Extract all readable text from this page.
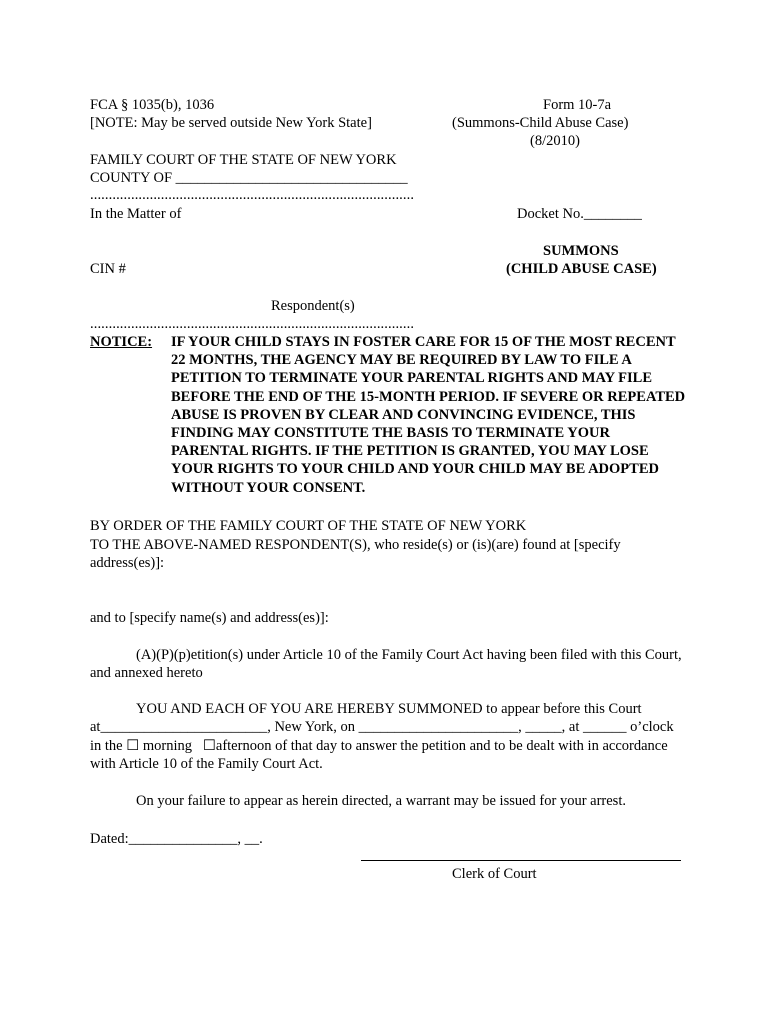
FCA § 1035(b), 1036
[NOTE: May be served outside New York State]
Form 10-7a
(Summons-Child Abuse Case)
(8/2010)
FAMILY COURT OF THE STATE OF NEW YORK
COUNTY OF ________________________________
.......................................................................................
In the Matter of	Docket No.________
SUMMONS
(CHILD ABUSE CASE)
CIN #
Respondent(s)
.......................................................................................
NOTICE: IF YOUR CHILD STAYS IN FOSTER CARE FOR 15 OF THE MOST RECENT
22 MONTHS, THE AGENCY MAY BE REQUIRED BY LAW TO FILE A
PETITION TO TERMINATE YOUR PARENTAL RIGHTS AND MAY FILE
BEFORE THE END OF THE 15-MONTH PERIOD. IF SEVERE OR REPEATED
ABUSE IS PROVEN BY CLEAR AND CONVINCING EVIDENCE, THIS
FINDING MAY CONSTITUTE THE BASIS TO TERMINATE YOUR
PARENTAL RIGHTS. IF THE PETITION IS GRANTED, YOU MAY LOSE
YOUR RIGHTS TO YOUR CHILD AND YOUR CHILD MAY BE ADOPTED
WITHOUT YOUR CONSENT.
BY ORDER OF THE FAMILY COURT OF THE STATE OF NEW YORK
TO THE ABOVE-NAMED RESPONDENT(S), who reside(s) or (is)(are) found at [specify
address(es)]:
and to [specify name(s) and address(es)]:
(A)(P)(p)etition(s) under Article 10 of the Family Court Act having been filed with this Court,
and annexed hereto
YOU AND EACH OF YOU ARE HEREBY SUMMONED to appear before this Court
at_______________________, New York, on ______________________, _____, at ______ o’clock
in the ☐ morning ☐afternoon of that day to answer the petition and to be dealt with in accordance
with Article 10 of the Family Court Act.
On your failure to appear as herein directed, a warrant may be issued for your arrest.
Dated:_______________, __.
Clerk of Court
